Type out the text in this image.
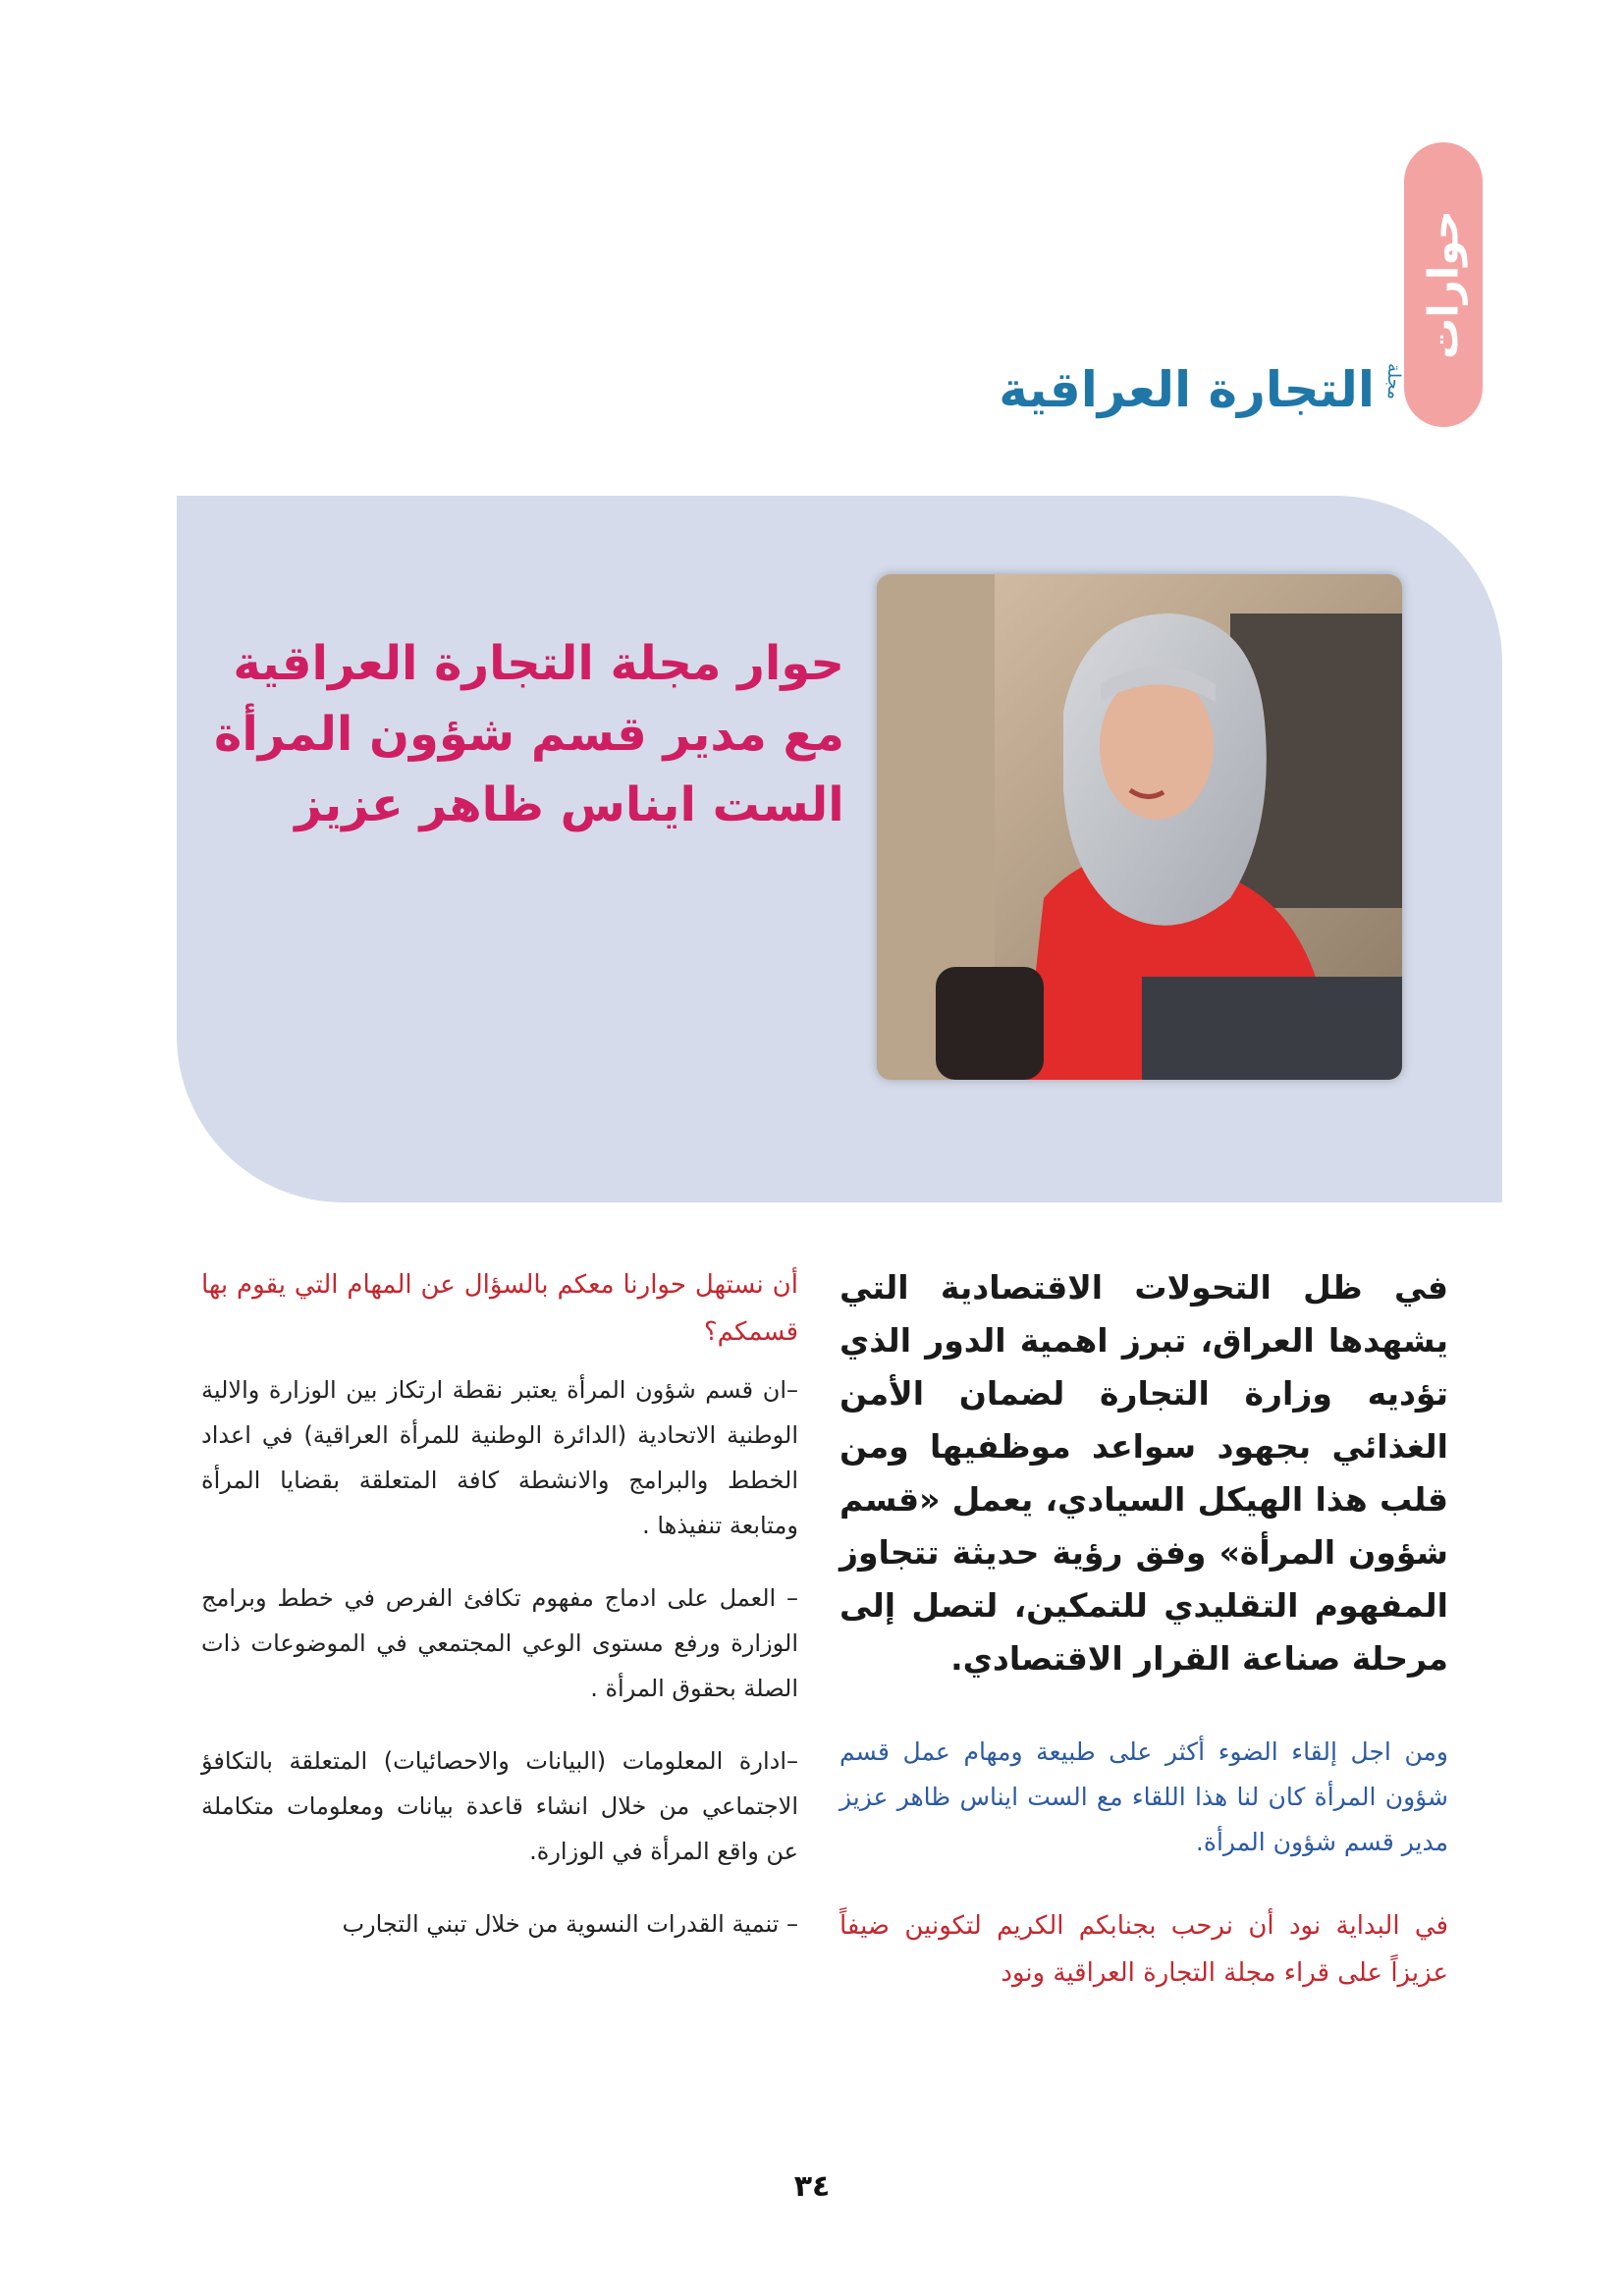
حوارات
التجارة العراقية مجلة
حوار مجلة التجارة العراقية
مع مدير قسم شؤون المرأة
الست ايناس ظاهر عزيز

في ظل التحولات الاقتصادية التي يشهدها العراق، تبرز اهمية الدور الذي تؤديه وزارة التجارة لضمان الأمن الغذائي بجهود سواعد موظفيها ومن قلب هذا الهيكل السيادي، يعمل «قسم شؤون المرأة» وفق رؤية حديثة تتجاوز المفهوم التقليدي للتمكين، لتصل إلى مرحلة صناعة القرار الاقتصادي.

ومن اجل إلقاء الضوء أكثر على طبيعة ومهام عمل قسم شؤون المرأة كان لنا هذا اللقاء مع الست ايناس ظاهر عزيز مدير قسم شؤون المرأة.

في البداية نود أن نرحب بجنابكم الكريم لتكونين ضيفاً عزيزاً على قراء مجلة التجارة العراقية ونود

أن نستهل حوارنا معكم بالسؤال عن المهام التي يقوم بها قسمكم؟

–ان قسم شؤون المرأة يعتبر نقطة ارتكاز بين الوزارة والالية الوطنية الاتحادية (الدائرة الوطنية للمرأة العراقية) في اعداد الخطط والبرامج والانشطة كافة المتعلقة بقضايا المرأة ومتابعة تنفيذها .

– العمل على ادماج مفهوم تكافئ الفرص في خطط وبرامج الوزارة ورفع مستوى الوعي المجتمعي في الموضوعات ذات الصلة بحقوق المرأة .

–ادارة المعلومات (البيانات والاحصائيات) المتعلقة بالتكافؤ الاجتماعي من خلال انشاء قاعدة بيانات ومعلومات متكاملة عن واقع المرأة في الوزارة.

– تنمية القدرات النسوية من خلال تبني التجارب

٣٤
